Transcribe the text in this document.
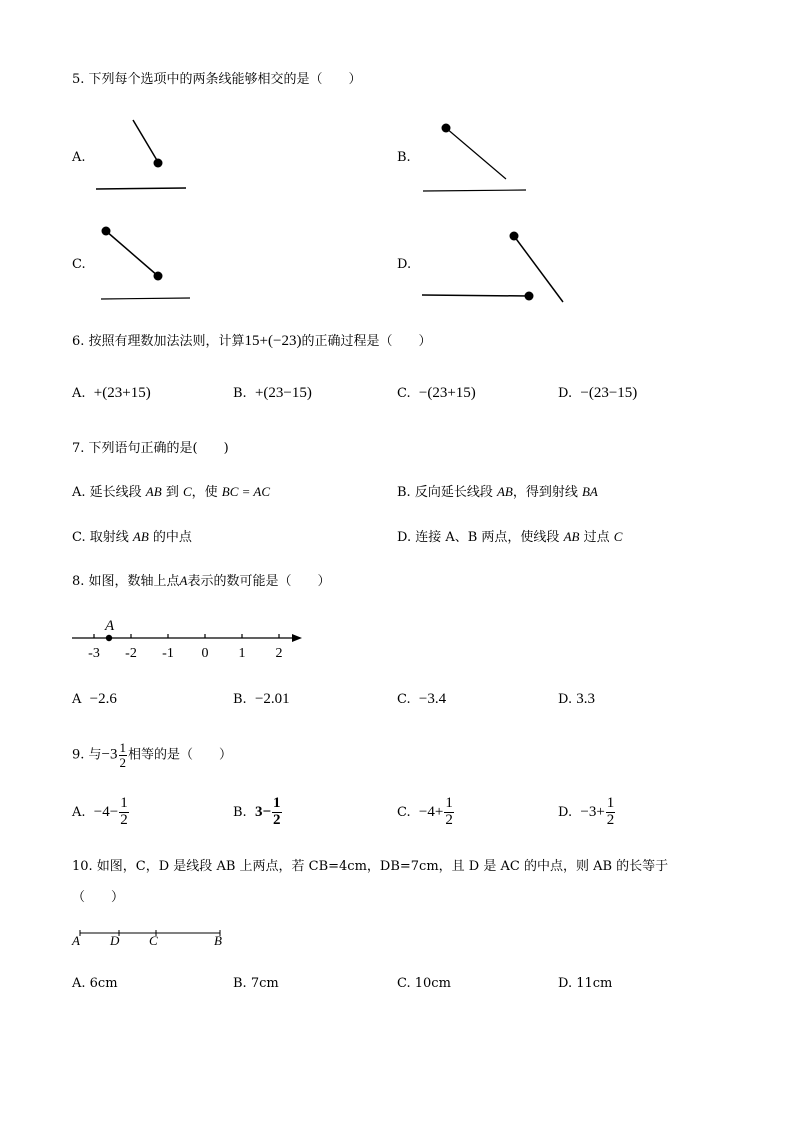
5. 下列每个选项中的两条线能够相交的是（　　）
A.	B.
C.	D.
6. 按照有理数加法法则，计算15+(−23)的正确过程是（　　）
A. +(23+15)	B. +(23−15)	C. −(23+15)	D. −(23−15)
7. 下列语句正确的是(　　)
A. 延长线段 AB 到 C，使 BC = AC	B. 反向延长线段 AB，得到射线 BA
C. 取射线 AB 的中点	D. 连接 A、B 两点，使线段 AB 过点 C
8. 如图，数轴上点A表示的数可能是（　　）
-3 -2 -1 0 1 2
A
A −2.6	B. −2.01	C. −3.4	D. 3.3
9. 与$-3 \frac{1}{2}$ 相等的是（　　）
A. $-4- \frac{1}{2}$	B. $3- \frac{1}{2}$	C. $-4+ \frac{1}{2}$	D. $-3+ \frac{1}{2}$
10. 如图，C，D 是线段 AB 上两点，若 CB=4cm，DB=7cm，且 D 是 AC 的中点，则 AB 的长等于
（　　）
A D C	B
A. 6cm	B. 7cm	C. 10cm	D. 11cm
